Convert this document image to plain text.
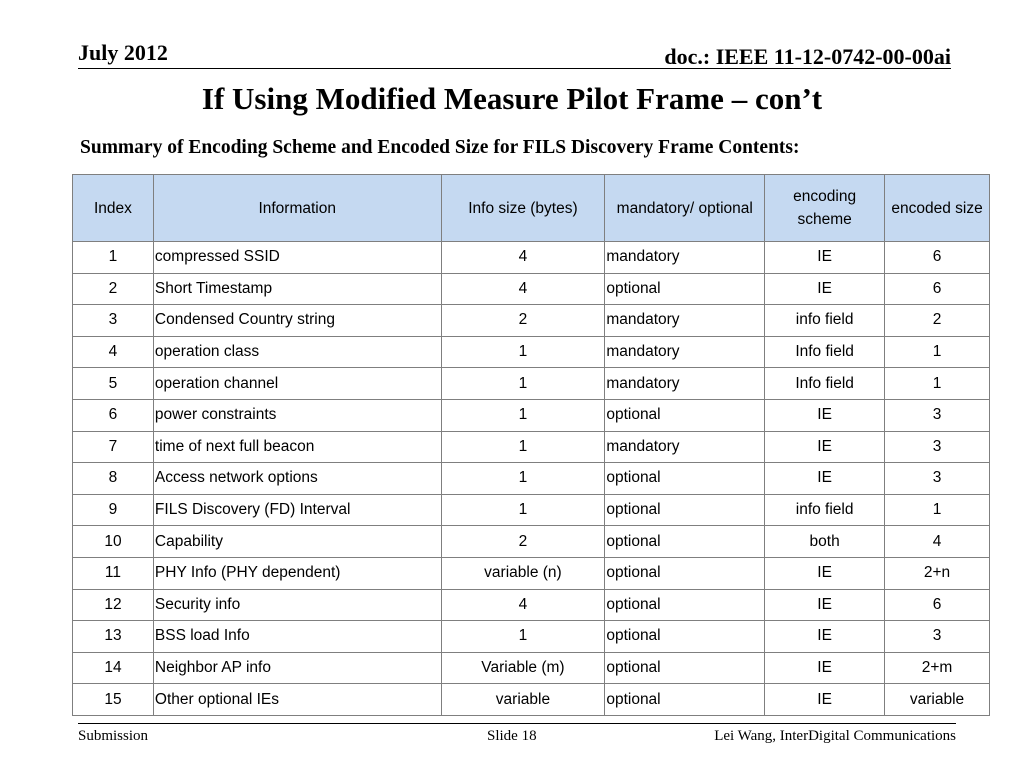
July 2012	doc.: IEEE 11-12-0742-00-00ai
If Using Modified Measure Pilot Frame – con’t
Summary of Encoding Scheme and Encoded Size for FILS Discovery Frame Contents:
Index	Information	Info size (bytes)	mandatory/ optional	encoding scheme	encoded size
1	compressed SSID	4	mandatory	IE	6
2	Short Timestamp	4	optional	IE	6
3	Condensed Country string	2	mandatory	info field	2
4	operation class	1	mandatory	Info field	1
5	operation channel	1	mandatory	Info field	1
6	power constraints	1	optional	IE	3
7	time of next full beacon	1	mandatory	IE	3
8	Access network options	1	optional	IE	3
9	FILS Discovery (FD) Interval	1	optional	info field	1
10	Capability	2	optional	both	4
11	PHY Info (PHY dependent)	variable (n)	optional	IE	2+n
12	Security info	4	optional	IE	6
13	BSS load Info	1	optional	IE	3
14	Neighbor AP info	Variable (m)	optional	IE	2+m
15	Other optional IEs	variable	optional	IE	variable
Submission	Slide 18	Lei Wang, InterDigital Communications
